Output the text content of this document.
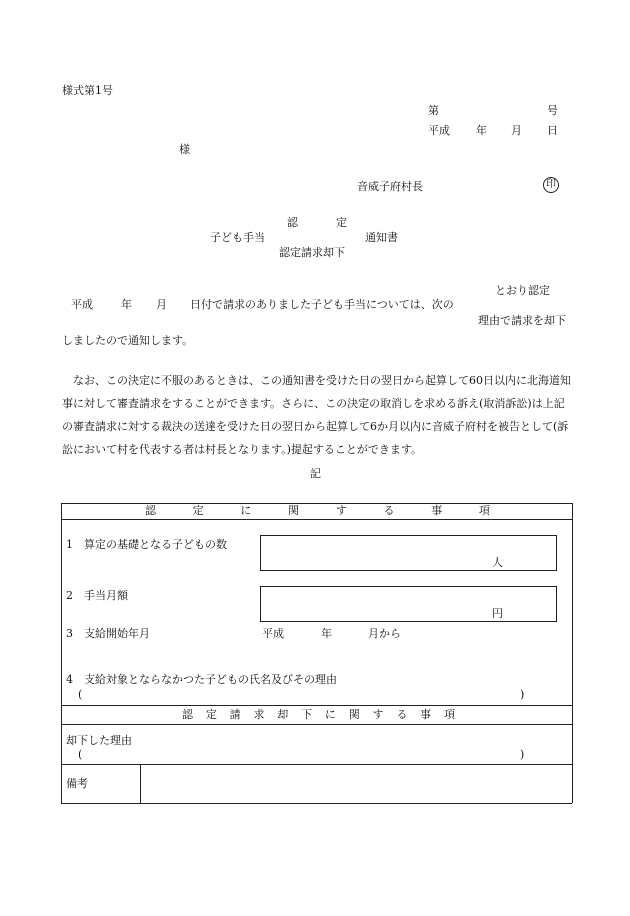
様式第1号
第	号
平成 年 月 日
様
音威子府村長	印
認	定
子ども手当	通知書
認定請求却下
とおり認定
平成	年 月 日付で請求のありました子ども手当については、次の
理由で請求を却下
しましたので通知します。
なお、この決定に不服のあるときは、この通知書を受けた日の翌日から起算して60日以内に北海道知事に対して審査請求をすることができます。さらに、この決定の取消しを求める訴え(取消訴訟)は上記の審査請求に対する裁決の送達を受けた日の翌日から起算して6か月以内に音威子府村を被告として(訴訟において村を代表する者は村長となります。)提起することができます。
記
認	定	に	関	す	る	事	項
1　算定の基礎となる子どもの数
人
2　手当月額
円
3　支給開始年月	平成	年	月から
4　支給対象とならなかつた子どもの氏名及びその理由
(	)
認 定 請 求 却 下 に 関 す る 事 項
却下した理由
(	)
備考
